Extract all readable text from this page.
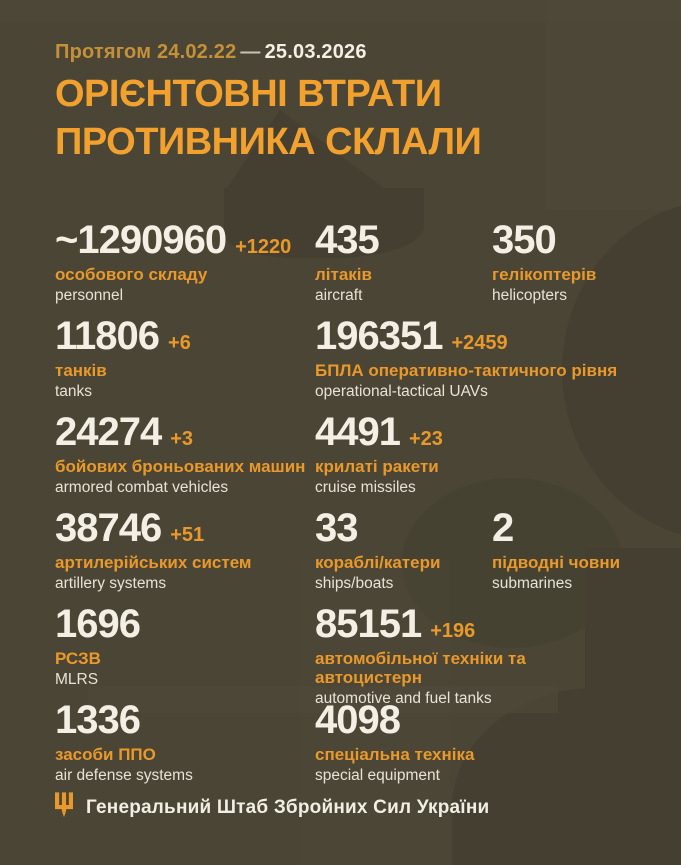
Протягом 24.02.22 — 25.03.2026
ОРІЄНТОВНІ ВТРАТИ
ПРОТИВНИКА СКЛАЛИ
~1290960 +1220
особового складу
personnel
435
літаків
aircraft
350
гелікоптерів
helicopters
11806 +6
танків
tanks
196351 +2459
БПЛА оперативно-тактичного рівня
operational-tactical UAVs
24274 +3
бойових броньованих машин
armored combat vehicles
4491 +23
крилаті ракети
cruise missiles
38746 +51
артилерійських систем
artillery systems
33
кораблі/катери
ships/boats
2
підводні човни
submarines
1696
РСЗВ
MLRS
85151 +196
автомобільної техніки та автоцистерн
automotive and fuel tanks
1336
засоби ППО
air defense systems
4098
спеціальна техніка
special equipment
Генеральний Штаб Збройних Сил України
